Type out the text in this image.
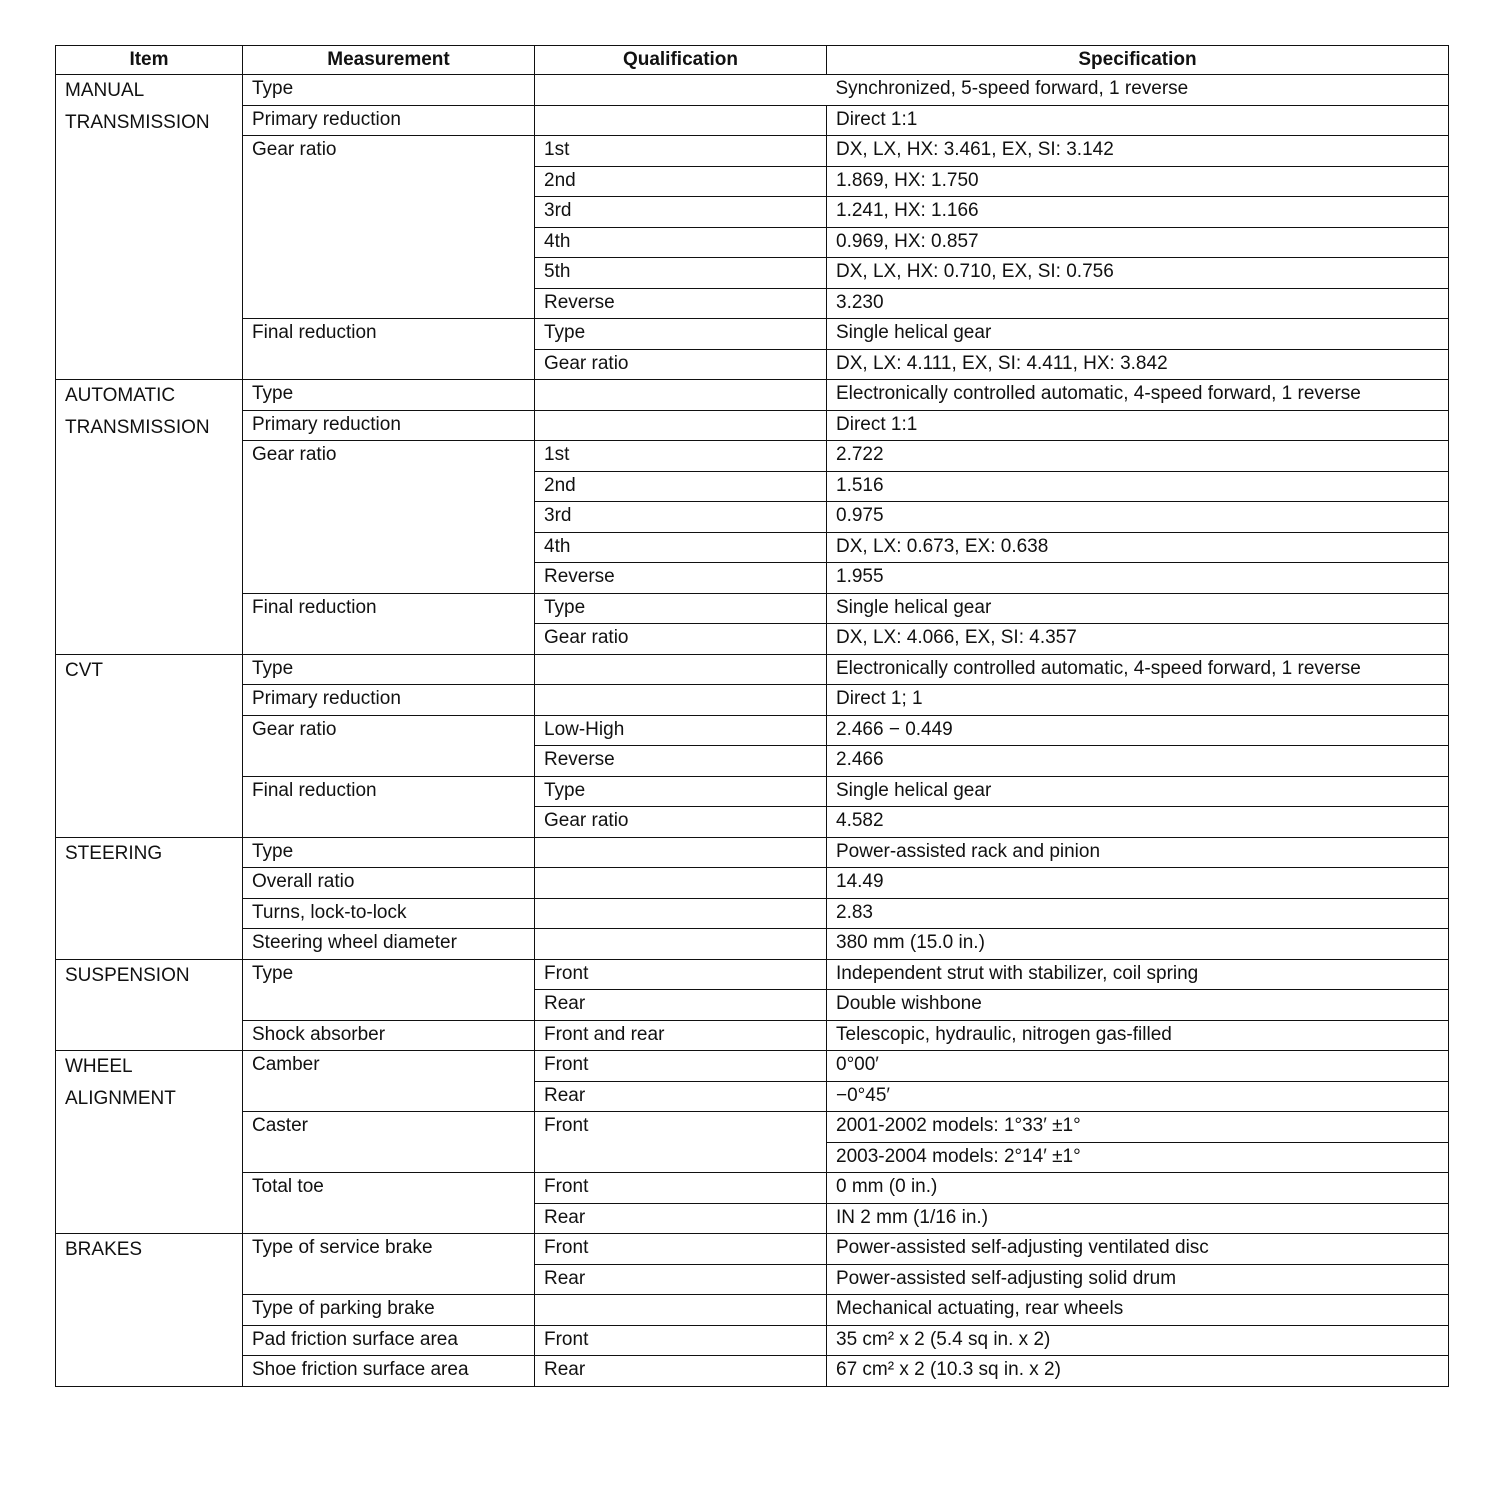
Item	Measurement	Qualification	Specification
MANUAL TRANSMISSION	Type		Synchronized, 5-speed forward, 1 reverse
	Primary reduction		Direct 1:1
	Gear ratio	1st	DX, LX, HX: 3.461, EX, SI: 3.142
		2nd	1.869, HX: 1.750
		3rd	1.241, HX: 1.166
		4th	0.969, HX: 0.857
		5th	DX, LX, HX: 0.710, EX, SI: 0.756
		Reverse	3.230
	Final reduction	Type	Single helical gear
		Gear ratio	DX, LX: 4.111, EX, SI: 4.411, HX: 3.842
AUTOMATIC TRANSMISSION	Type		Electronically controlled automatic, 4-speed forward, 1 reverse
	Primary reduction		Direct 1:1
	Gear ratio	1st	2.722
		2nd	1.516
		3rd	0.975
		4th	DX, LX: 0.673, EX: 0.638
		Reverse	1.955
	Final reduction	Type	Single helical gear
		Gear ratio	DX, LX: 4.066, EX, SI: 4.357
CVT	Type		Electronically controlled automatic, 4-speed forward, 1 reverse
	Primary reduction		Direct 1; 1
	Gear ratio	Low-High	2.466 − 0.449
		Reverse	2.466
	Final reduction	Type	Single helical gear
		Gear ratio	4.582
STEERING	Type		Power-assisted rack and pinion
	Overall ratio		14.49
	Turns, lock-to-lock		2.83
	Steering wheel diameter		380 mm (15.0 in.)
SUSPENSION	Type	Front	Independent strut with stabilizer, coil spring
		Rear	Double wishbone
	Shock absorber	Front and rear	Telescopic, hydraulic, nitrogen gas-filled
WHEEL ALIGNMENT	Camber	Front	0°00′
		Rear	−0°45′
	Caster	Front	2001-2002 models: 1°33′ ±1°
			2003-2004 models: 2°14′ ±1°
	Total toe	Front	0 mm (0 in.)
		Rear	IN 2 mm (1/16 in.)
BRAKES	Type of service brake	Front	Power-assisted self-adjusting ventilated disc
		Rear	Power-assisted self-adjusting solid drum
	Type of parking brake		Mechanical actuating, rear wheels
	Pad friction surface area	Front	35 cm² x 2 (5.4 sq in. x 2)
	Shoe friction surface area	Rear	67 cm² x 2 (10.3 sq in. x 2)
